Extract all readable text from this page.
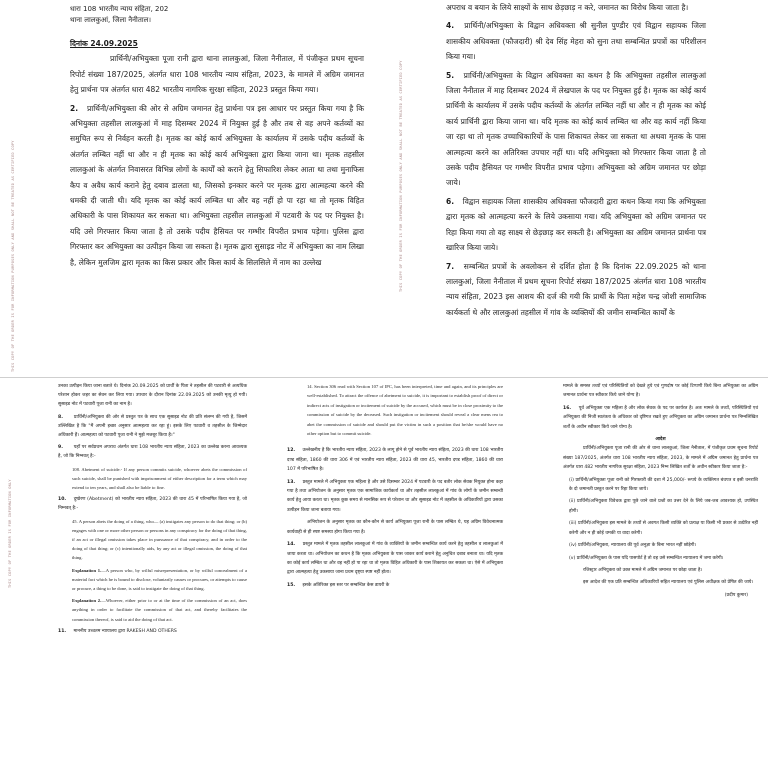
THIS COPY OF THE ORDER IS FOR INFORMATION PURPOSES ONLY AND SHALL NOT BE TREATED AS CERTIFIED COPY
धारा 108 भारतीय न्याय संहिता, 202
थाना लालकुआं, जिला नैनीताल।
दिनांक 24.09.2025

प्रार्थिनी/अभियुक्ता पूजा रानी द्वारा थाना लालकुआं, जिला नैनीताल, में पंजीकृत प्रथम सूचना रिपोर्ट संख्या 187/2025, अंतर्गत धारा 108 भारतीय न्याय संहिता, 2023, के मामले में अग्रिम जमानत हेतु प्रार्थना पत्र अंतर्गत धारा 482 भारतीय नागरिक सुरक्षा संहिता, 2023 प्रस्तुत किया गया।

2. प्रार्थिनी/अभियुक्ता की ओर से अग्रिम जमानत हेतु प्रार्थना पत्र इस आधार पर प्रस्तुत किया गया है कि अभियुक्ता तहसील लालकुआं में माह दिसम्बर 2024 में नियुक्त हुई है और तब से वह अपने कर्तव्यों का समुचित रूप से निर्वहन करती है। मृतक का कोई कार्य अभियुक्ता के कार्यालय में उसके पदीय कर्तव्यों के अंतर्गत लम्बित नहीं था और न ही मृतक का कोई कार्य अभियुक्ता द्वारा किया जाना था। मृतक तहसील लालकुआं के अंतर्गत निवासरत विभिन्न लोगों के कार्यों को कराने हेतु सिफारिश लेकर आता था तथा मुनाफिस कैप व अवैध कार्य कराने हेतु दबाव डालता था, जिसको इनकार करने पर मृतक द्वारा आत्महत्या करने की धमकी दी जाती थी। यदि मृतक का कोई कार्य लम्बित था और वह नहीं हो पा रहा था तो मृतक विहित अधिकारी के पास शिकायत कर सकता था। अभियुक्ता तहसील लालकुआं में पटवारी के पद पर नियुक्त है। यदि उसे गिरफ्तार किया जाता है तो उसके पदीय हैसियत पर गम्भीर विपरीत प्रभाव पड़ेगा। पुलिस द्वारा गिरफ्तार कर अभियुक्ता का उत्पीड़न किया जा सकता है। मृतक द्वारा सुसाइड नोट में अभियुक्ता का नाम लिखा है, लेकिन मुलजिम द्वारा मृतक का किस प्रकार और किस कार्य के सिलसिले में नाम का उल्लेख	THIS COPY OF THE ORDER IS FOR INFORMATION PURPOSES ONLY AND SHALL NOT BE TREATED AS CERTIFIED COPY

अपराध व बयान के लिये साक्ष्यों के साथ छेड़छाड़ न करे, जमानत का विरोध किया जाता है।

4. प्रार्थिनी/अभियुक्ता के विद्वान अधिवक्ता श्री सुनील पुण्डीर एवं विद्वान सहायक जिला शासकीय अधिवक्ता (फौजदारी) श्री देव सिंह मेहरा को सुना तथा सम्बन्धित प्रपत्रों का परिशीलन किया गया।

5. प्रार्थिनी/अभियुक्ता के विद्वान अधिवक्ता का कथन है कि अभियुक्ता तहसील लालकुआं जिला नैनीताल में माह दिसम्बर 2024 में लेखपाल के पद पर नियुक्त हुई है। मृतक का कोई कार्य प्रार्थिनी के कार्यालय में उसके पदीय कर्तव्यों के अंतर्गत लम्बित नहीं था और न ही मृतक का कोई कार्य प्रार्थिनी द्वारा किया जाना था। यदि मृतक का कोई कार्य लम्बित था और वह कार्य नहीं किया जा रहा था तो मृतक उच्चाधिकारियों के पास शिकायत लेकर जा सकता था अथवा मृतक के पास आत्महत्या करने का अतिरिक्त उपचार नहीं था। यदि अभियुक्ता को गिरफ्तार किया जाता है तो उसके पदीय हैसियत पर गम्भीर विपरीत प्रभाव पड़ेगा। अभियुक्ता को अग्रिम जमानत पर छोड़ा जाये।

6. विद्वान सहायक जिला शासकीय अधिवक्ता फौजदारी द्वारा कथन किया गया कि अभियुक्ता द्वारा मृतक को आत्महत्या करने के लिये उकसाया गया। यदि अभियुक्ता को अग्रिम जमानत पर रिहा किया गया तो वह साक्ष्य से छेड़छाड़ कर सकती है। अभियुक्ता का अग्रिम जमानत प्रार्थना पत्र खारिज किया जाये।

7. सम्बन्धित प्रपत्रों के अवलोकन से दर्शित होता है कि दिनांक 22.09.2025 को थाना लालकुआं, जिला नैनीताल में प्रथम सूचना रिपोर्ट संख्या 187/2025 अंतर्गत धारा 108 भारतीय न्याय संहिता, 2023 इस आशय की दर्ज की गयी कि प्रार्थी के पिता महेश चन्द्र जोशी सामाजिक कार्यकर्ता थे और लालकुआं तहसील में गांव के व्यक्तियों की जमीन सम्बन्धित कार्यों के

THIS COPY OF THE ORDER IS FOR INFORMATION ONLY

उनका उत्पीड़न किया जाना बताते थे। दिनांक 20.09.2025 को प्रार्थी के पिता ने तहसील की पटवारी से अत्यधिक परेशान होकर जहर का सेवन कर लिया गया। उपचार के दौरान दिनांक 22.09.2025 को उनकी मृत्यु हो गयी। सुसाइड नोट में पटवारी पूजा रानी का नाम है।

8. प्रार्थिनी/अभियुक्ता की ओर से प्रस्तुत पत्र के साथ एक सुसाइड नोट की प्रति संलग्न की गयी है, जिसमें उल्लिखित है कि "मैं अपनी इच्छा अनुसार आत्महत्या कर रहा हूं। इसके लिए पटवारी व तहसील के जिम्मेदार अधिकारी हैं। आत्महत्या को पटवारी पूजा रानी ने मुझे मजबूर किया है।"

9. यहाँ पर सर्वप्रथम अपराध अंतर्गत धारा 108 भारतीय न्याय संहिता, 2023 का उल्लेख करना आवश्यक है, जो कि निम्नवत् है:-

108. Abetment of suicide.- If any person commits suicide, whoever abets the commission of such suicide, shall be punished with imprisonment of either description for a term which may extend to ten years, and shall also be liable to fine.

10. दुष्प्रेरण (Abetment) को भारतीय न्याय संहिता, 2023 की धारा 45 में परिभाषित किया गया है, जो निम्नवत् है:-

45. A person abets the doing of a thing, who— (a) instigates any person to do that thing; or (b) engages with one or more other person or persons in any conspiracy for the doing of that thing, if an act or illegal omission takes place in pursuance of that conspiracy, and in order to the doing of that thing; or (c) intentionally aids, by any act or illegal omission, the doing of that thing.

Explanation 1.—A person who, by wilful misrepresentation, or by wilful concealment of a material fact which he is bound to disclose, voluntarily causes or procures, or attempts to cause or procure, a thing to be done, is said to instigate the doing of that thing.

Explanation 2.—Whoever, either prior to or at the time of the commission of an act, does anything in order to facilitate the commission of that act, and thereby facilitates the commission thereof, is said to aid the doing of that act.

11. माननीय उच्चतम न्यायालय द्वारा RAKESH AND OTHERS

14. Section 306 read with Section 107 of IPC, has been interpreted, time and again, and its principles are well-established. To attract the offence of abetment to suicide, it is important to establish proof of direct or indirect acts of instigation or incitement of suicide by the accused, which must be in close proximity to the commission of suicide by the deceased. Such instigation or incitement should reveal a clear mens rea to abet the commission of suicide and should put the victim in such a position that he/she would have no other option but to commit suicide.

12. उल्लेखनीय है कि भारतीय न्याय संहिता, 2023 के लागू होने से पूर्व भारतीय न्याय संहिता, 2023 की धारा 108 भारतीय दण्ड संहिता, 1860 की धारा 306 में एवं भारतीय न्याय संहिता, 2023 की धारा 45, भारतीय दण्ड संहिता, 1860 की धारा 107 में परिभाषित है।

13. प्रस्तुत मामले में अभियुक्ता एक महिला है और उसे दिसम्बर 2024 में पटवारी के पद बतौर लोक सेवक नियुक्त होना कहा गया है तथा अभियोजन के अनुसार मृतक एक सामाजिक कार्यकर्ता था और तहसील लालकुआं में गांव के लोगों के जमीन सम्बन्धी कार्य हेतु आया करता था। मृतक कुछ समय से मानसिक रूप से परेशान था और सुसाइड नोट में तहसील के अधिकारियों द्वारा उसका उत्पीड़न किया जाना बताया गया।

अभियोजन के अनुसार मृतक का कौन-कौन से कार्य अभियुक्ता पूजा रानी के पास लम्बित थे, यह अग्रिम विवेचनात्मक कार्यवाही से ही स्पष्ट समस्या होगा किया गया है।

14. प्रस्तुत मामले में मृतक तहसील लालकुआं में गांव के व्यक्तियों के जमीन सम्बन्धित कार्य करने हेतु तहसील व लालकुआं में जाया करता था। अभियोजन का कथन है कि मृतक अभियुक्ता के पास जाकर कार्य कराने हेतु अनुचित दबाव बनाता था। यदि मृतक का कोई कार्य लम्बित था और वह नहीं हो पा रहा था तो मृतक विहित अधिकारी के पास शिकायत कर सकता था। ऐसे में अभियुक्ता द्वारा आत्महत्या हेतु उकसाया जाना प्रथम दृष्ट्या स्पष्ट नहीं होता।

15. इसके अतिरिक्त इस स्तर पर सम्बन्धित केस डायरी के

मामले के समस्त तथ्यों एवं परिस्थितियों को देखते हुये एवं गुणदोष पर कोई टिप्पणी किये बिना अभियुक्ता का अग्रिम जमानत प्रार्थना पत्र स्वीकार किये जाने योग्य है।

16. पूर्व अभियुक्ता एक महिला है और लोक सेवक के पद पर कार्यरत है। अतः मामले के तथ्यों, परिस्थितियों एवं अभियुक्ता की निजी स्वतंत्रता के अधिकार को दृष्टिगत रखते हुए अभियुक्ता का अग्रिम जमानत प्रार्थना पत्र निम्नलिखित शर्तों के अधीन स्वीकार किये जाने योग्य है।

आदेश

प्रार्थिनी/अभियुक्ता पूजा रानी की ओर से थाना लालकुआं, जिला नैनीताल, में पंजीकृत प्रथम सूचना रिपोर्ट संख्या 187/2025, अंतर्गत धारा 108 भारतीय न्याय संहिता, 2023, के मामले में अग्रिम जमानत हेतु प्रार्थना पत्र अंतर्गत धारा 482 भारतीय नागरिक सुरक्षा संहिता, 2023 निम्न लिखित शर्तों के अधीन स्वीकार किया जाता है:-

(i) प्रार्थिनी/अभियुक्ता पूजा रानी को गिरफ्तारी की दशा में 25,000/- रूपये के व्यक्तिगत बंधपत्र व इसी धनराशि के दो जमानती प्रस्तुत करने पर रिहा किया जाये।

(ii) प्रार्थिनी/अभियुक्ता विवेचक द्वारा पूछे जाने वाले प्रश्नों का उत्तर देने के लिये जब-जब आवश्यक हो, उपस्थित होगी।

(iii) प्रार्थिनी/अभियुक्ता इस मामले के तथ्यों से अवगत किसी व्यक्ति को प्रत्यक्ष या किसी भी प्रकार से उत्प्रेरित नहीं करेगी और न ही कोई धमकी या वादा करेगी।

(iv) प्रार्थिनी/अभियुक्ता, न्यायालय की पूर्व अनुज्ञा के बिना भारत नहीं छोड़ेगी।

(v) प्रार्थिनी/अभियुक्ता के पास यदि पासपोर्ट है तो वह उसे सम्बन्धित न्यायालय में जमा करेगी।

रजिस्ट्रार अभियुक्ता को उक्त मामले में अग्रिम जमानत पर छोड़ा जाता है।

इस आदेश की एक प्रति सम्बन्धित अधिकारियों सहित न्यायालय एवं पुलिस अधीक्षक को प्रेषित की जाये।

(प्रदीप कुमार)
